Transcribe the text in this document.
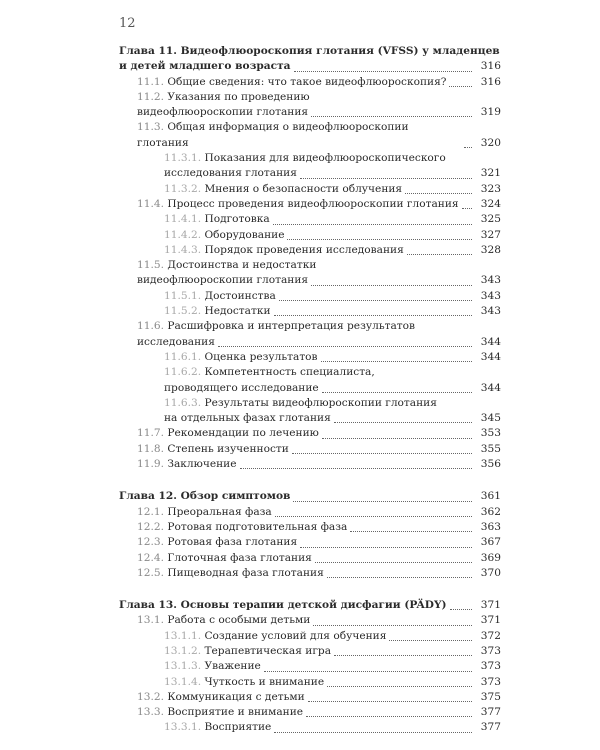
12
Глава 11. Видеофлюороскопия глотания (VFSS) у младенцев
и детей младшего возраста	316
11.1. Общие сведения: что такое видеофлюороскопия?	316
11.2. Указания по проведению
видеофлюороскопии глотания	319
11.3. Общая информация о видеофлюороскопии глотания	320
11.3.1. Показания для видеофлюороскопического
исследования глотания	321
11.3.2. Мнения о безопасности облучения	323
11.4. Процесс проведения видеофлюороскопии глотания	324
11.4.1. Подготовка	325
11.4.2. Оборудование	327
11.4.3. Порядок проведения исследования	328
11.5. Достоинства и недостатки
видеофлюороскопии глотания	343
11.5.1. Достоинства	343
11.5.2. Недостатки	343
11.6. Расшифровка и интерпретация результатов
исследования	344
11.6.1. Оценка результатов	344
11.6.2. Компетентность специалиста,
проводящего исследование	344
11.6.3. Результаты видеофлюроскопии глотания
на отдельных фазах глотания	345
11.7. Рекомендации по лечению	353
11.8. Степень изученности	355
11.9. Заключение	356
Глава 12. Обзор симптомов	361
12.1. Преоральная фаза	362
12.2. Ротовая подготовительная фаза	363
12.3. Ротовая фаза глотания	367
12.4. Глоточная фаза глотания	369
12.5. Пищеводная фаза глотания	370
Глава 13. Основы терапии детской дисфагии (PÄDY)	371
13.1. Работа с особыми детьми	371
13.1.1. Создание условий для обучения	372
13.1.2. Терапевтическая игра	373
13.1.3. Уважение	373
13.1.4. Чуткость и внимание	373
13.2. Коммуникация с детьми	375
13.3. Восприятие и внимание	377
13.3.1. Восприятие	377
